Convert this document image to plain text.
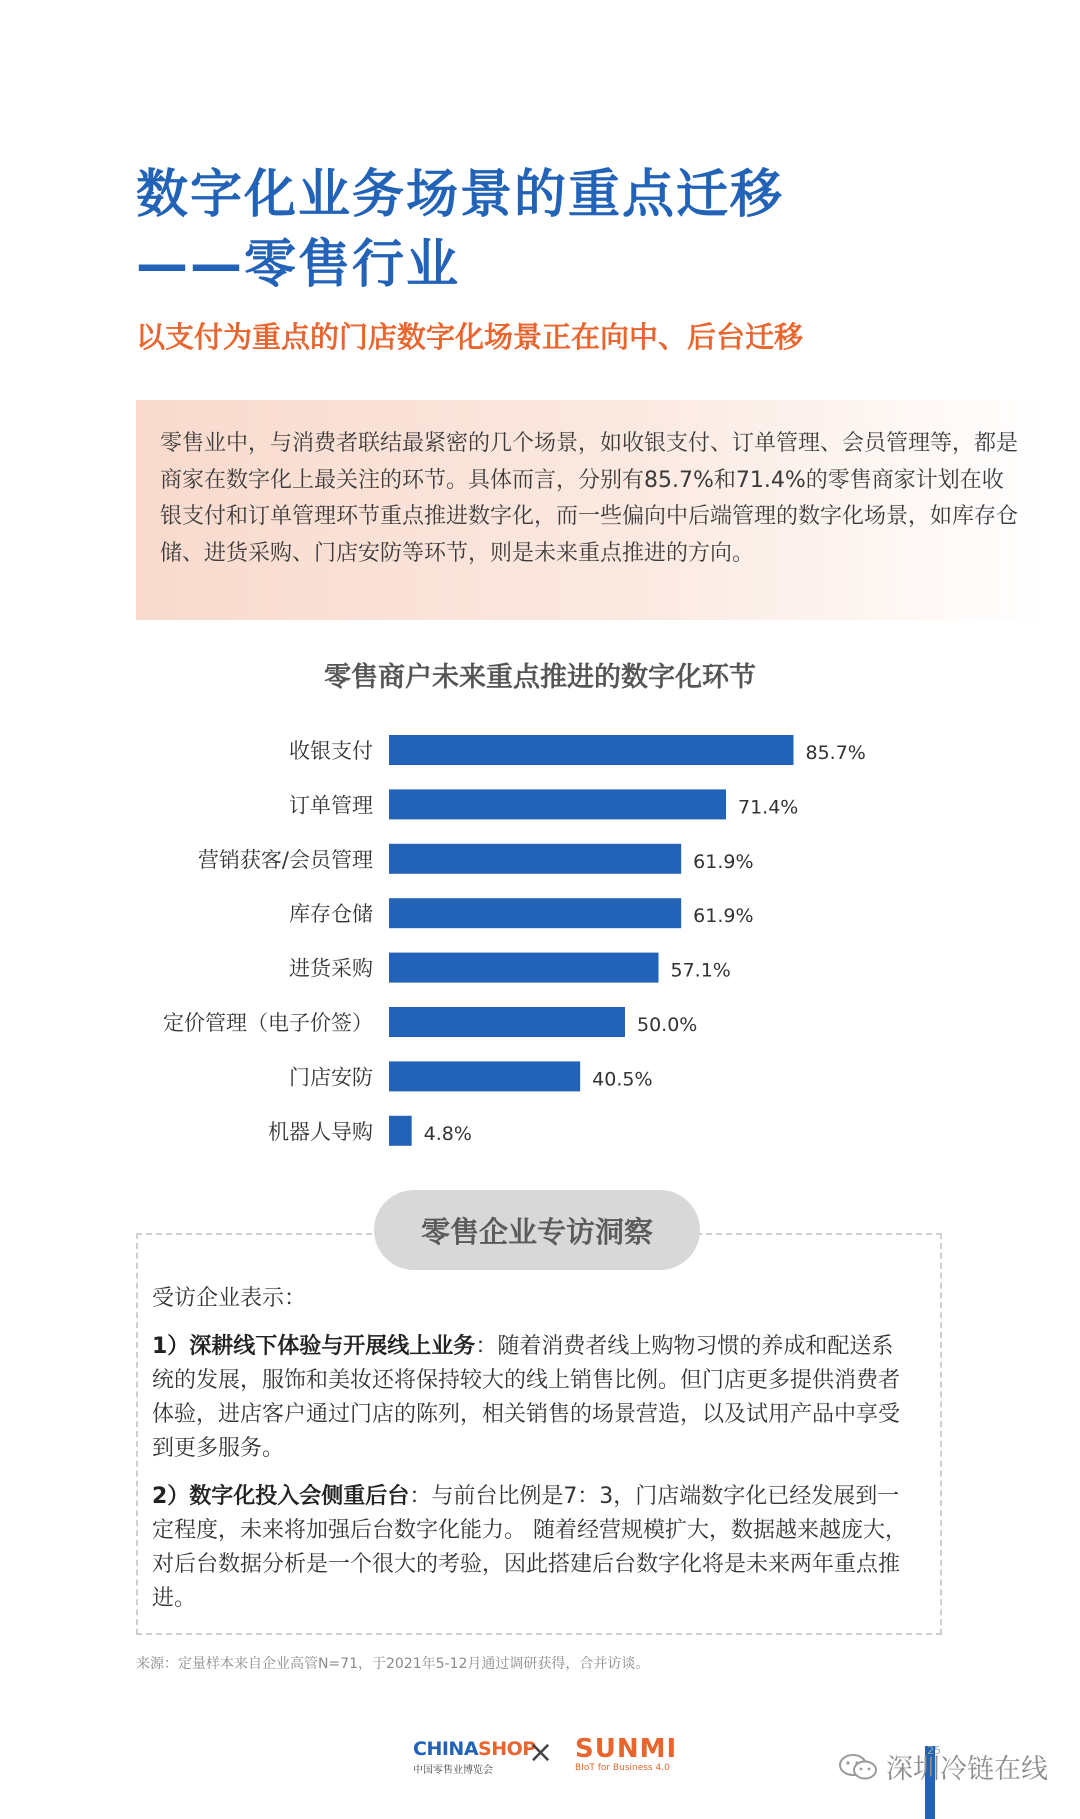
数字化业务场景的重点迁移
——零售行业
以支付为重点的门店数字化场景正在向中、后台迁移

零售业中，与消费者联结最紧密的几个场景，如收银支付、订单管理、会员管理等，都是商家在数字化上最关注的环节。具体而言，分别有85.7%和71.4%的零售商家计划在收银支付和订单管理环节重点推进数字化，而一些偏向中后端管理的数字化场景，如库存仓储、进货采购、门店安防等环节，则是未来重点推进的方向。

零售商户未来重点推进的数字化环节
收银支付	85.7%
订单管理	71.4%
营销获客/会员管理	61.9%
库存仓储	61.9%
进货采购	57.1%
定价管理（电子价签）	50.0%
门店安防	40.5%
机器人导购	4.8%
零售企业专访洞察

受访企业表示：

1）深耕线下体验与开展线上业务：随着消费者线上购物习惯的养成和配送系统的发展，服饰和美妆还将保持较大的线上销售比例。但门店更多提供消费者体验，进店客户通过门店的陈列，相关销售的场景营造，以及试用产品中享受到更多服务。

2）数字化投入会侧重后台：与前台比例是7：3，门店端数字化已经发展到一定程度，未来将加强后台数字化能力。 随着经营规模扩大，数据越来越庞大，对后台数据分析是一个很大的考验，因此搭建后台数字化将是未来两年重点推进。

来源：定量样本来自企业高管N=71，于2021年5-12月通过调研获得，合并访谈。
CHINASHOP
中国零售业博览会
× SUNMI
BIoT for Business 4.0
25
深圳冷链在线
